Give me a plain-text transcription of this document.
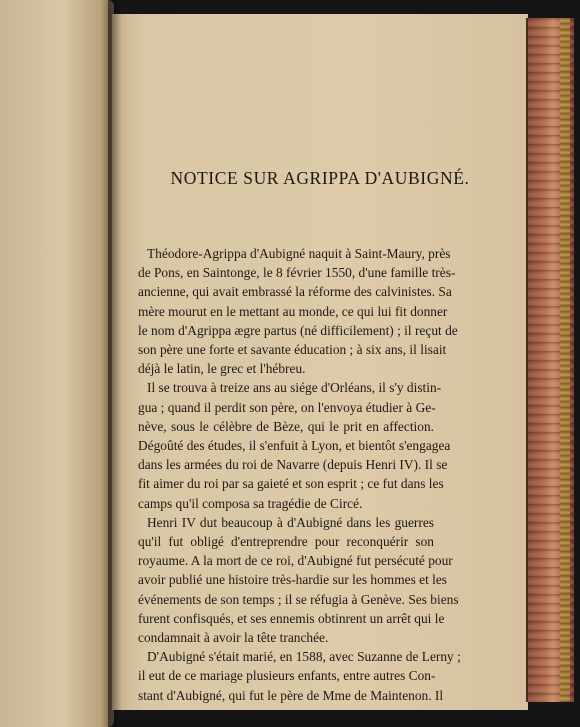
NOTICE SUR AGRIPPA D'AUBIGNÉ.
Théodore-Agrippa d'Aubigné naquit à Saint-Maury, près
de Pons, en Saintonge, le 8 février 1550, d'une famille très-
ancienne, qui avait embrassé la réforme des calvinistes. Sa
mère mourut en le mettant au monde, ce qui lui fit donner
le nom d'Agrippa ægre partus (né difficilement) ; il reçut de
son père une forte et savante éducation ; à six ans, il lisait
déjà le latin, le grec et l'hébreu.
Il se trouva à treize ans au siége d'Orléans, il s'y distin-
gua ; quand il perdit son père, on l'envoya étudier à Ge-
nève, sous le célèbre de Bèze, qui le prit en affection.
Dégoûté des études, il s'enfuit à Lyon, et bientôt s'engagea
dans les armées du roi de Navarre (depuis Henri IV). Il se
fit aimer du roi par sa gaieté et son esprit ; ce fut dans les
camps qu'il composa sa tragédie de Circé.
Henri IV dut beaucoup à d'Aubigné dans les guerres
qu'il fut obligé d'entreprendre pour reconquérir son
royaume. A la mort de ce roi, d'Aubigné fut persécuté pour
avoir publié une histoire très-hardie sur les hommes et les
événements de son temps ; il se réfugia à Genève. Ses biens
furent confisqués, et ses ennemis obtinrent un arrêt qui le
condamnait à avoir la tête tranchée.
D'Aubigné s'était marié, en 1588, avec Suzanne de Lerny ;
il eut de ce mariage plusieurs enfants, entre autres Con-
stant d'Aubigné, qui fut le père de Mme de Maintenon. Il
